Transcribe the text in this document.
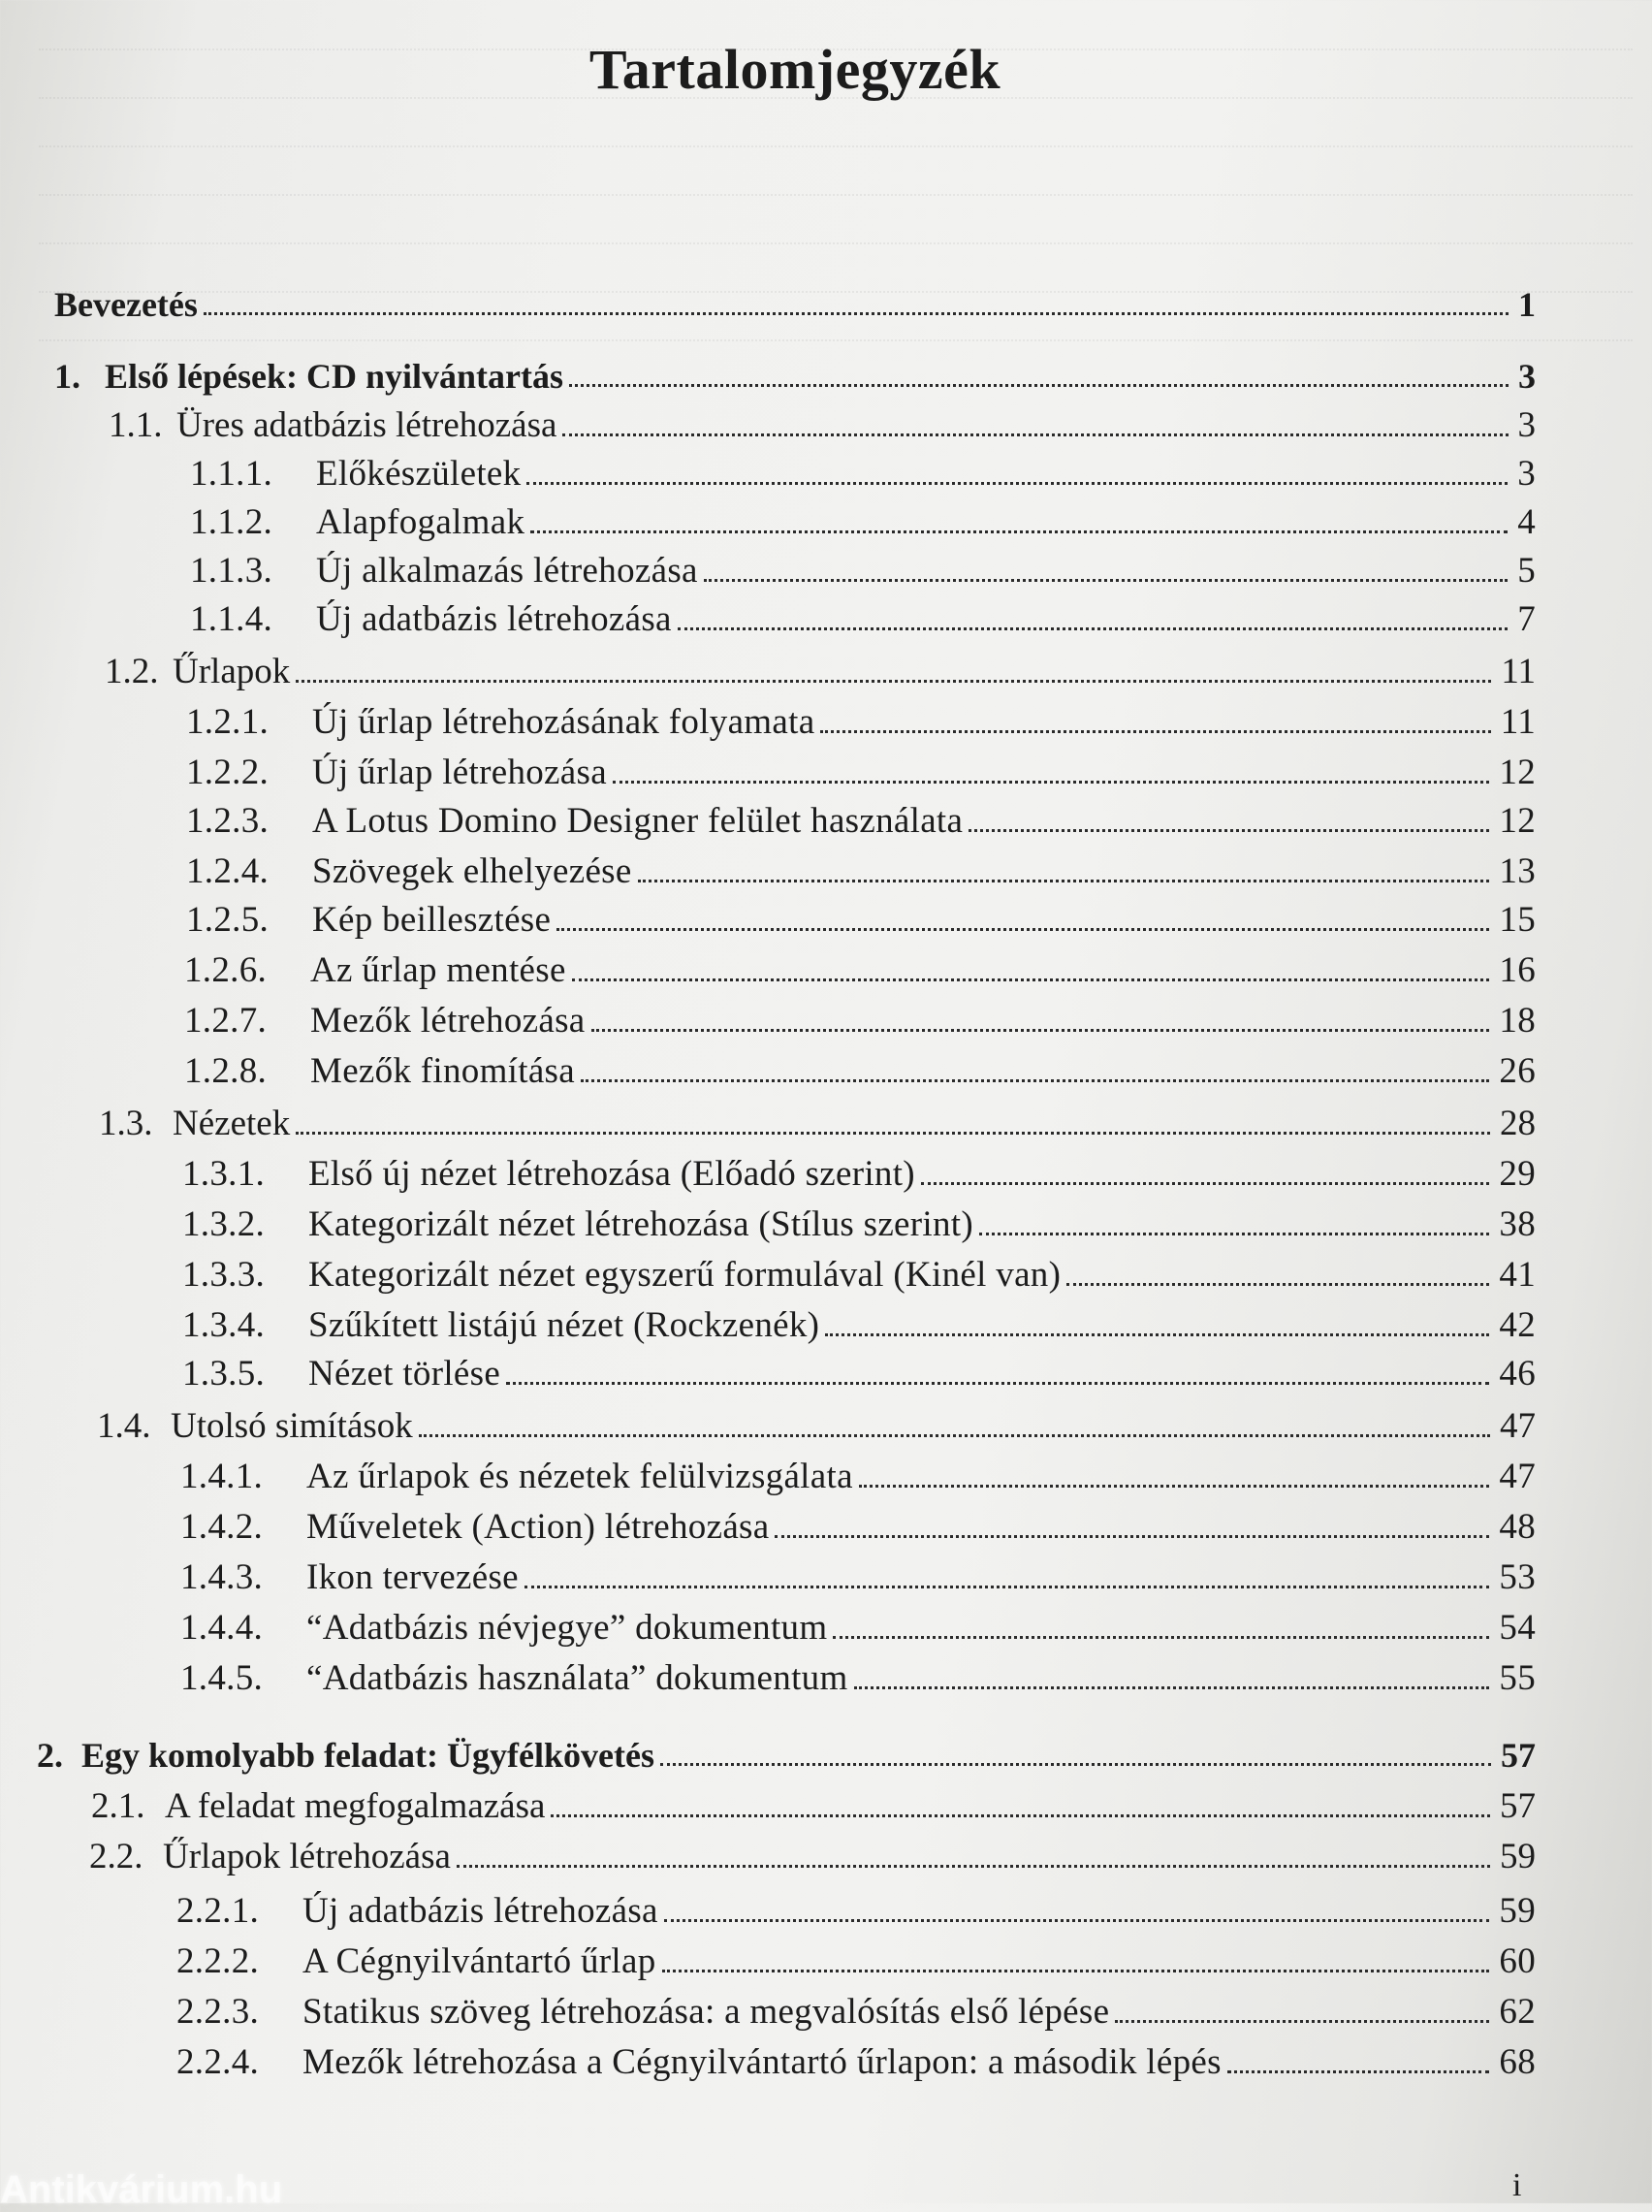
Tartalomjegyzék
Bevezetés	1
1. Első lépések: CD nyilvántartás	3
1.1. Üres adatbázis létrehozása	3
1.1.1.	Előkészületek	3
1.1.2.	Alapfogalmak	4
1.1.3.	Új alkalmazás létrehozása	5
1.1.4.	Új adatbázis létrehozása	7
1.2. Űrlapok	11
1.2.1.	Új űrlap létrehozásának folyamata	11
1.2.2.	Új űrlap létrehozása	12
1.2.3.	A Lotus Domino Designer felület használata	12
1.2.4.	Szövegek elhelyezése	13
1.2.5.	Kép beillesztése	15
1.2.6.	Az űrlap mentése	16
1.2.7.	Mezők létrehozása	18
1.2.8.	Mezők finomítása	26
1.3. Nézetek	28
1.3.1.	Első új nézet létrehozása (Előadó szerint)	29
1.3.2.	Kategorizált nézet létrehozása (Stílus szerint)	38
1.3.3.	Kategorizált nézet egyszerű formulával (Kinél van)	41
1.3.4.	Szűkített listájú nézet (Rockzenék)	42
1.3.5.	Nézet törlése	46
1.4. Utolsó simítások	47
1.4.1.	Az űrlapok és nézetek felülvizsgálata	47
1.4.2.	Műveletek (Action) létrehozása	48
1.4.3.	Ikon tervezése	53
1.4.4.	“Adatbázis névjegye” dokumentum	54
1.4.5.	“Adatbázis használata” dokumentum	55
2. Egy komolyabb feladat: Ügyfélkövetés	57
2.1. A feladat megfogalmazása	57
2.2. Űrlapok létrehozása	59
2.2.1.	Új adatbázis létrehozása	59
2.2.2.	A Cégnyilvántartó űrlap	60
2.2.3.	Statikus szöveg létrehozása: a megvalósítás első lépése	62
2.2.4.	Mezők létrehozása a Cégnyilvántartó űrlapon: a második lépés	68
i
Antikvárium.hu
